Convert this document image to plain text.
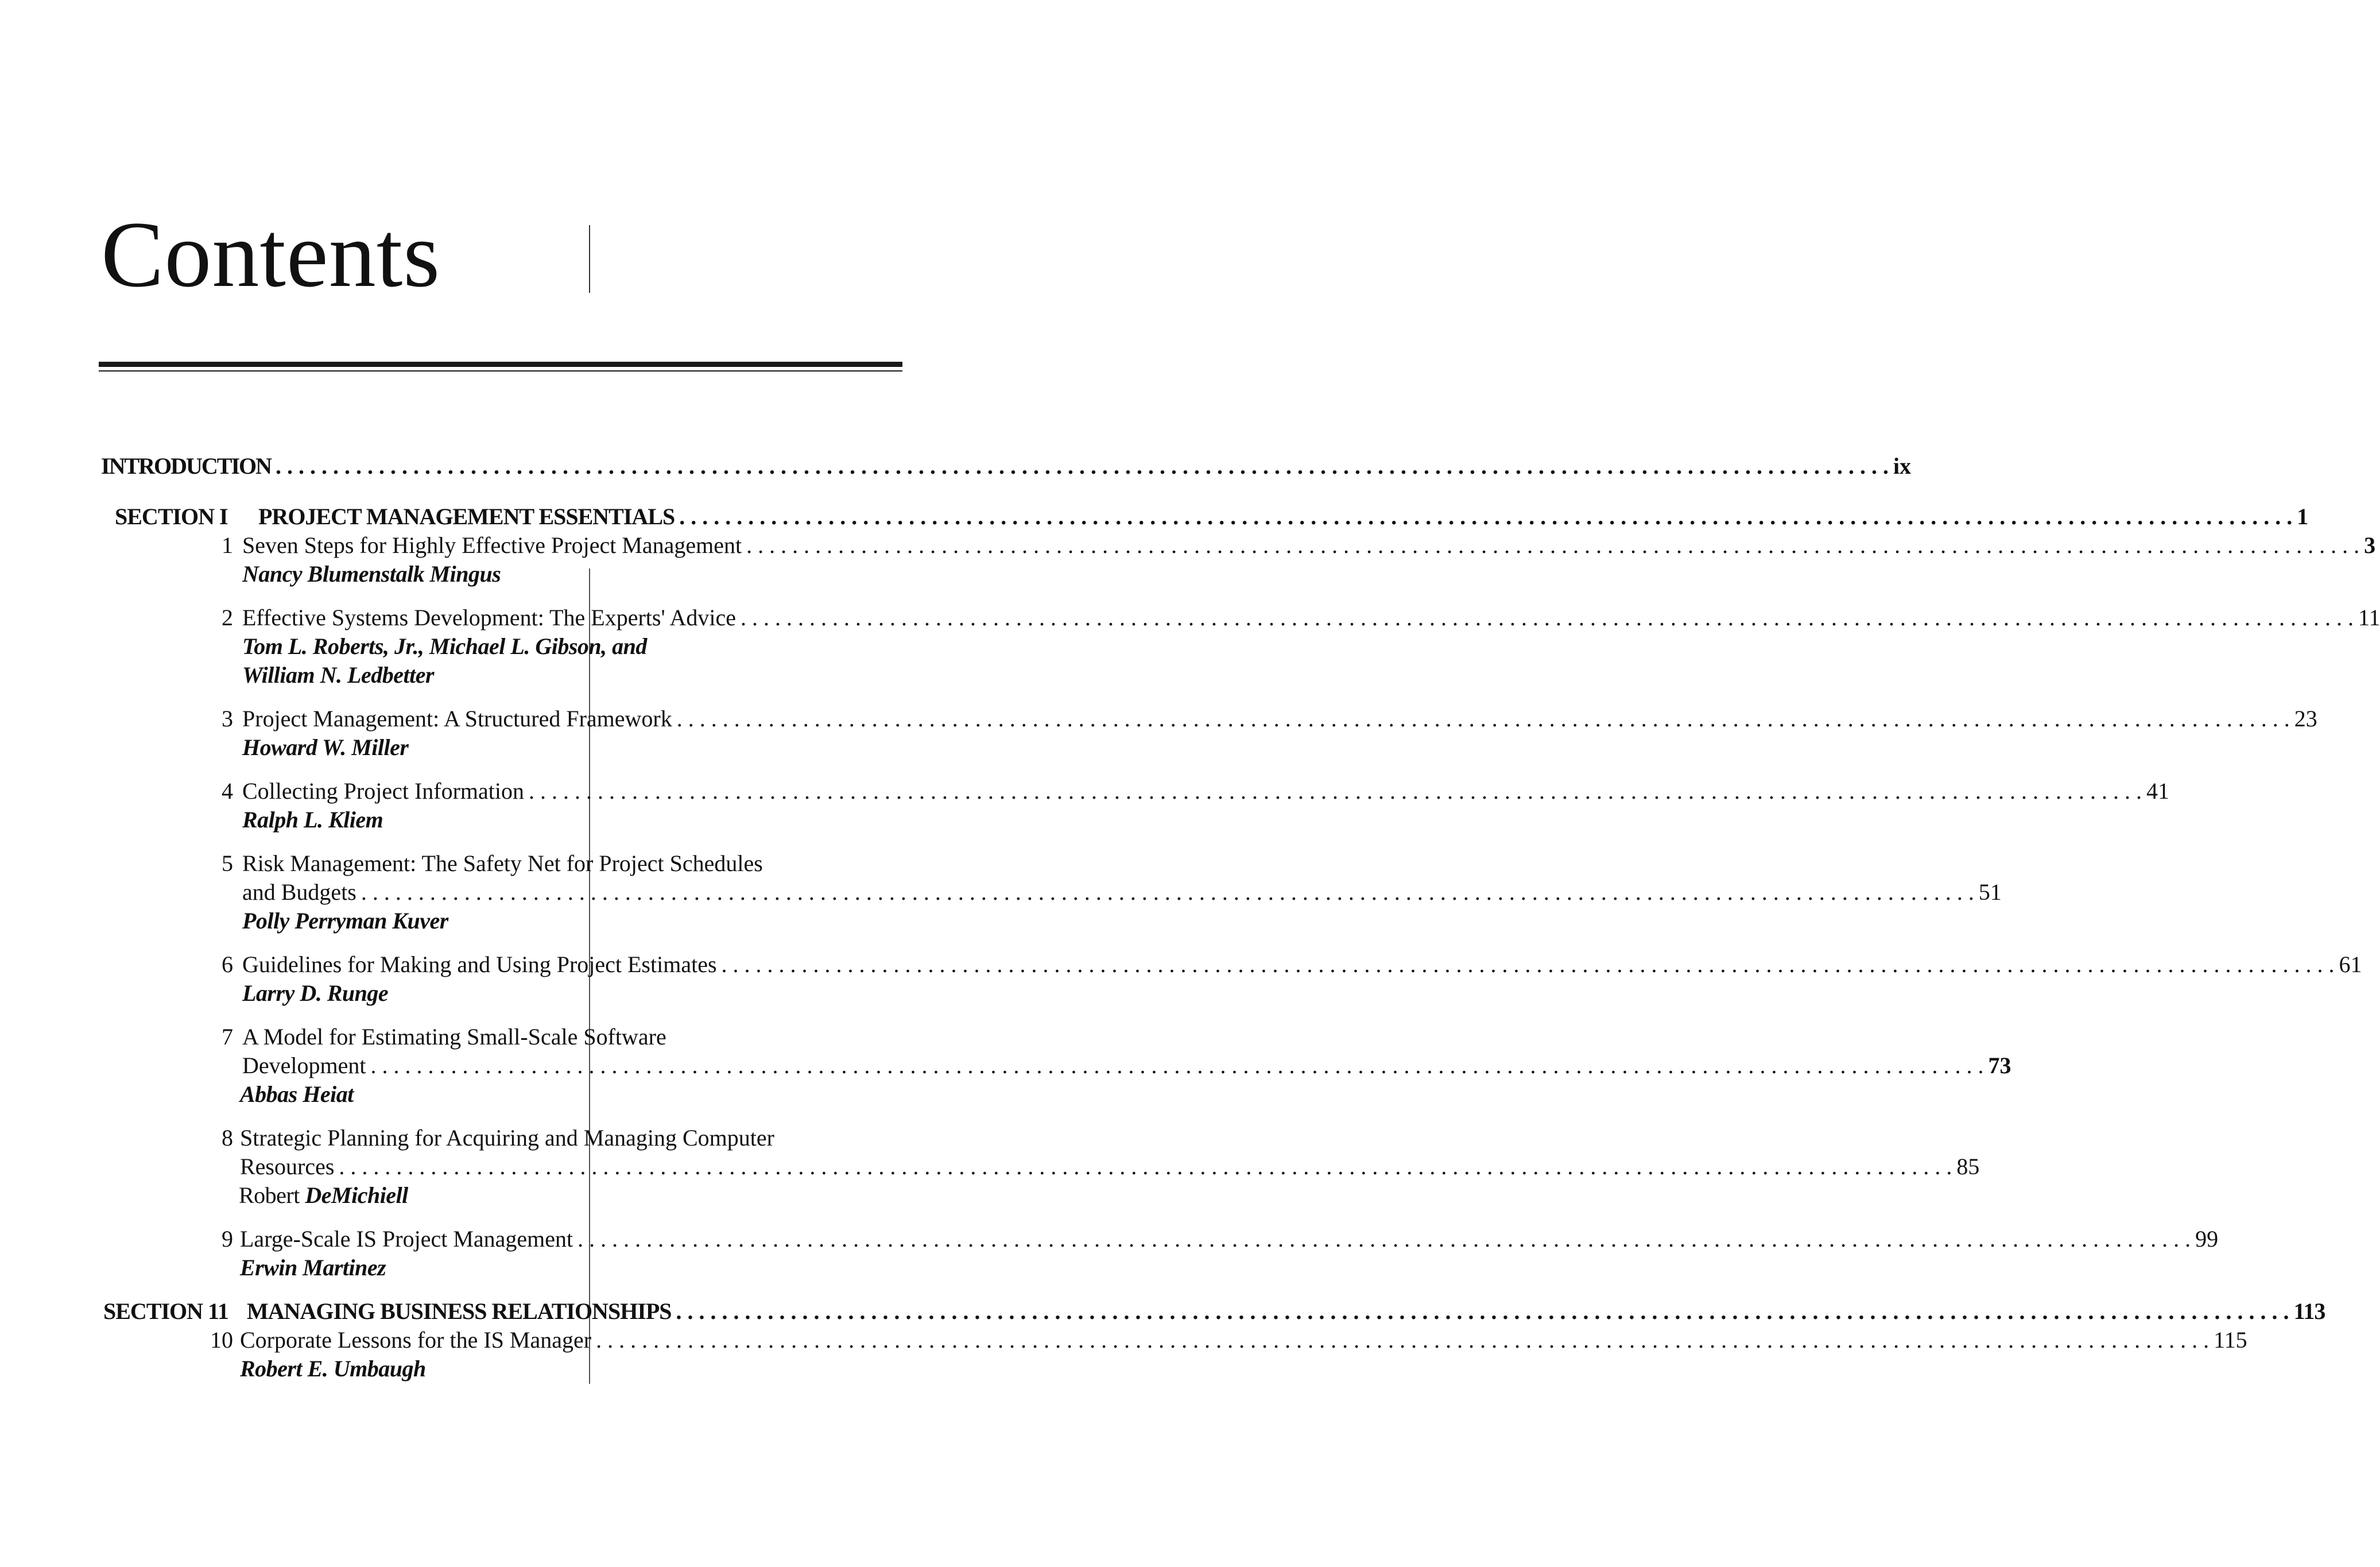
Contents
INTRODUCTION . . .	ix
SECTION I PROJECT MANAGEMENT ESSENTIALS . . .	1
1 Seven Steps for Highly Effective Project Management . . .	3
Nancy Blumenstalk Mingus
2 Effective Systems Development: The Experts' Advice . . .	11
Tom L. Roberts, Jr., Michael L. Gibson, and
William N. Ledbetter
3 Project Management: A Structured Framework . . .	23
Howard W. Miller
4 Collecting Project Information . . .	41
Ralph L. Kliem
5 Risk Management: The Safety Net for Project Schedules
and Budgets . . .	51
Polly Perryman Kuver
6 Guidelines for Making and Using Project Estimates . . .	61
Larry D. Runge
7 A Model for Estimating Small-Scale Software
Development . . .	73
Abbas Heiat
8 Strategic Planning for Acquiring and Managing Computer
Resources . . .	85
Robert DeMichiell
9 Large-Scale IS Project Management . . .	99
Erwin Martinez
SECTION 11 MANAGING BUSINESS RELATIONSHIPS . . .	113
10 Corporate Lessons for the IS Manager . . .	115
Robert E. Umbaugh
